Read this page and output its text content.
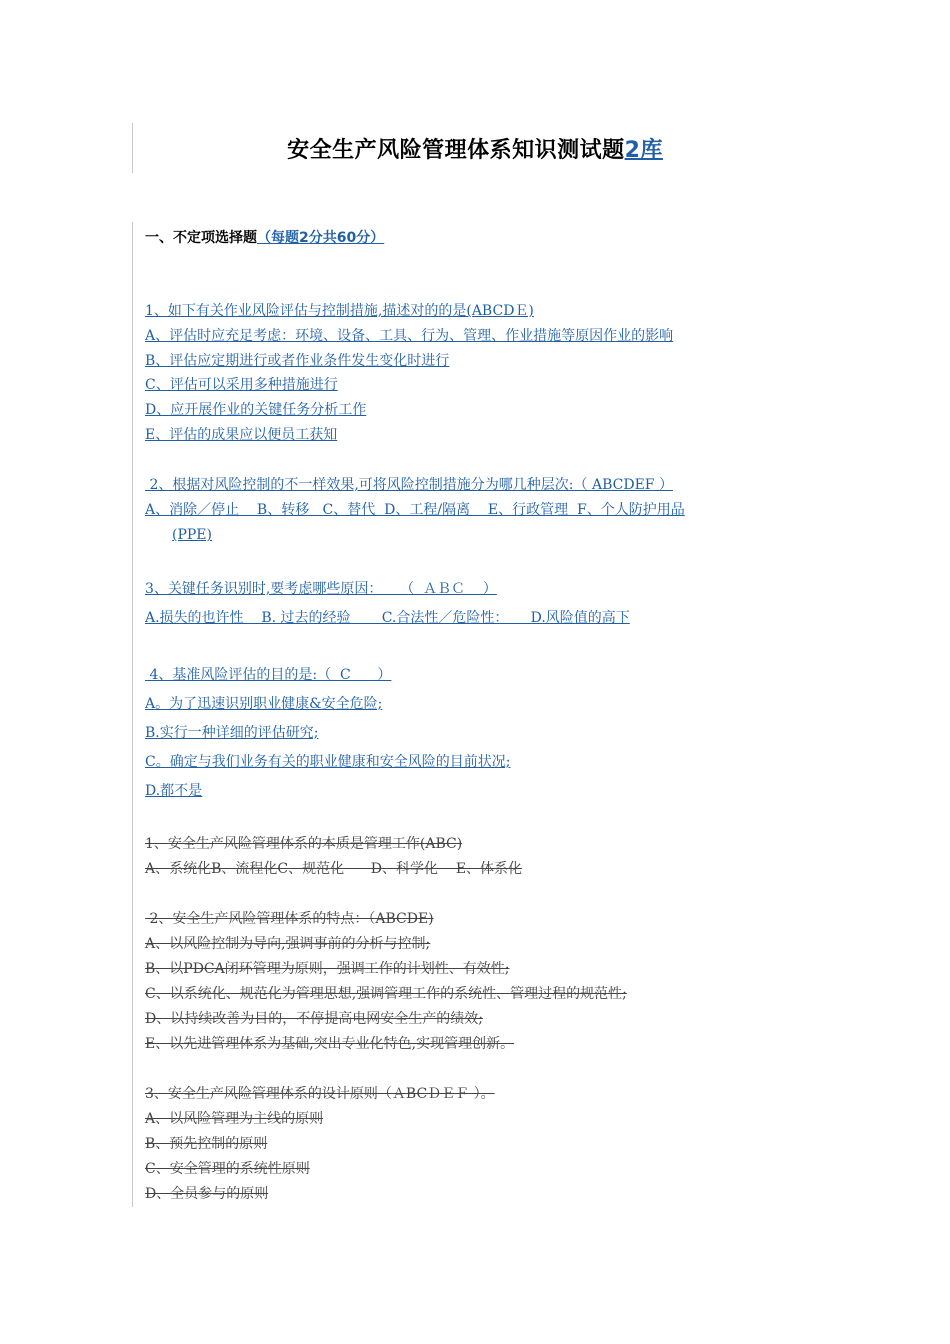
安全生产风险管理体系知识测试题2库
一、不定项选择题（每题2分共60分）
1、如下有关作业风险评估与控制措施,描述对的的是(ABCDＥ)
A、评估时应充足考虑：环境、设备、工具、行为、管理、作业措施等原因作业的影响
B、评估应定期进行或者作业条件发生变化时进行
C、评估可以采用多种措施进行
D、应开展作业的关键任务分析工作
E、评估的成果应以便员工获知
2、根据对风险控制的不一样效果,可将风险控制措施分为哪几种层次:（ ABCDEF ）
A、消除／停止    B、转移   C、替代  D、工程/隔离    E、行政管理  F、个人防护用品
(PPE)
3、关键任务识别时,要考虑哪些原因：    （  ＡＢＣ    ）
A.损失的也许性    B. 过去的经验       C.合法性／危险性：     D.风险值的高下
4、基准风险评估的目的是:（  C      ）
A。为了迅速识别职业健康&安全危险;
B.实行一种详细的评估研究;
C。确定与我们业务有关的职业健康和安全风险的目前状况;
D.都不是
1、安全生产风险管理体系的本质是管理工作(ABC)
A、系统化B、流程化C、规范化      D、科学化    E、体系化
2、安全生产风险管理体系的特点：（ABCDE)
A、以风险控制为导向,强调事前的分析与控制;
B、以PDCA闭环管理为原则，强调工作的计划性、有效性;
C、以系统化、规范化为管理思想,强调管理工作的系统性、管理过程的规范性;
D、以持续改善为目的，不停提高电网安全生产的绩效;
E、以先进管理体系为基础,突出专业化特色,实现管理创新。
3、安全生产风险管理体系的设计原则（ＡBCＤＥＦ ）。
A、以风险管理为主线的原则
B、预先控制的原则
C、安全管理的系统性原则
D、全员参与的原则
